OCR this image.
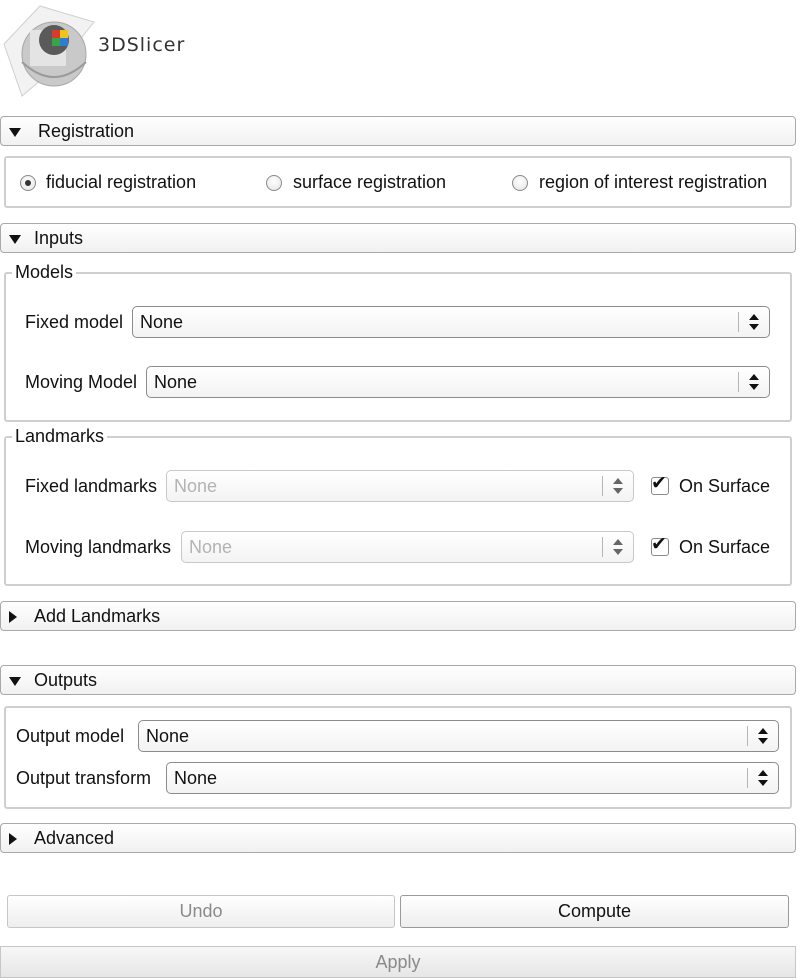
3DSlicer
Registration
fiducial registration	surface registration	region of interest registration
Inputs
Models
Fixed model None
Moving Model None
Landmarks
Fixed landmarks None	✔ On Surface
Moving landmarks None	✔ On Surface
Add Landmarks
Outputs
Output model None
Output transform None
Advanced
Undo	Compute
Apply
